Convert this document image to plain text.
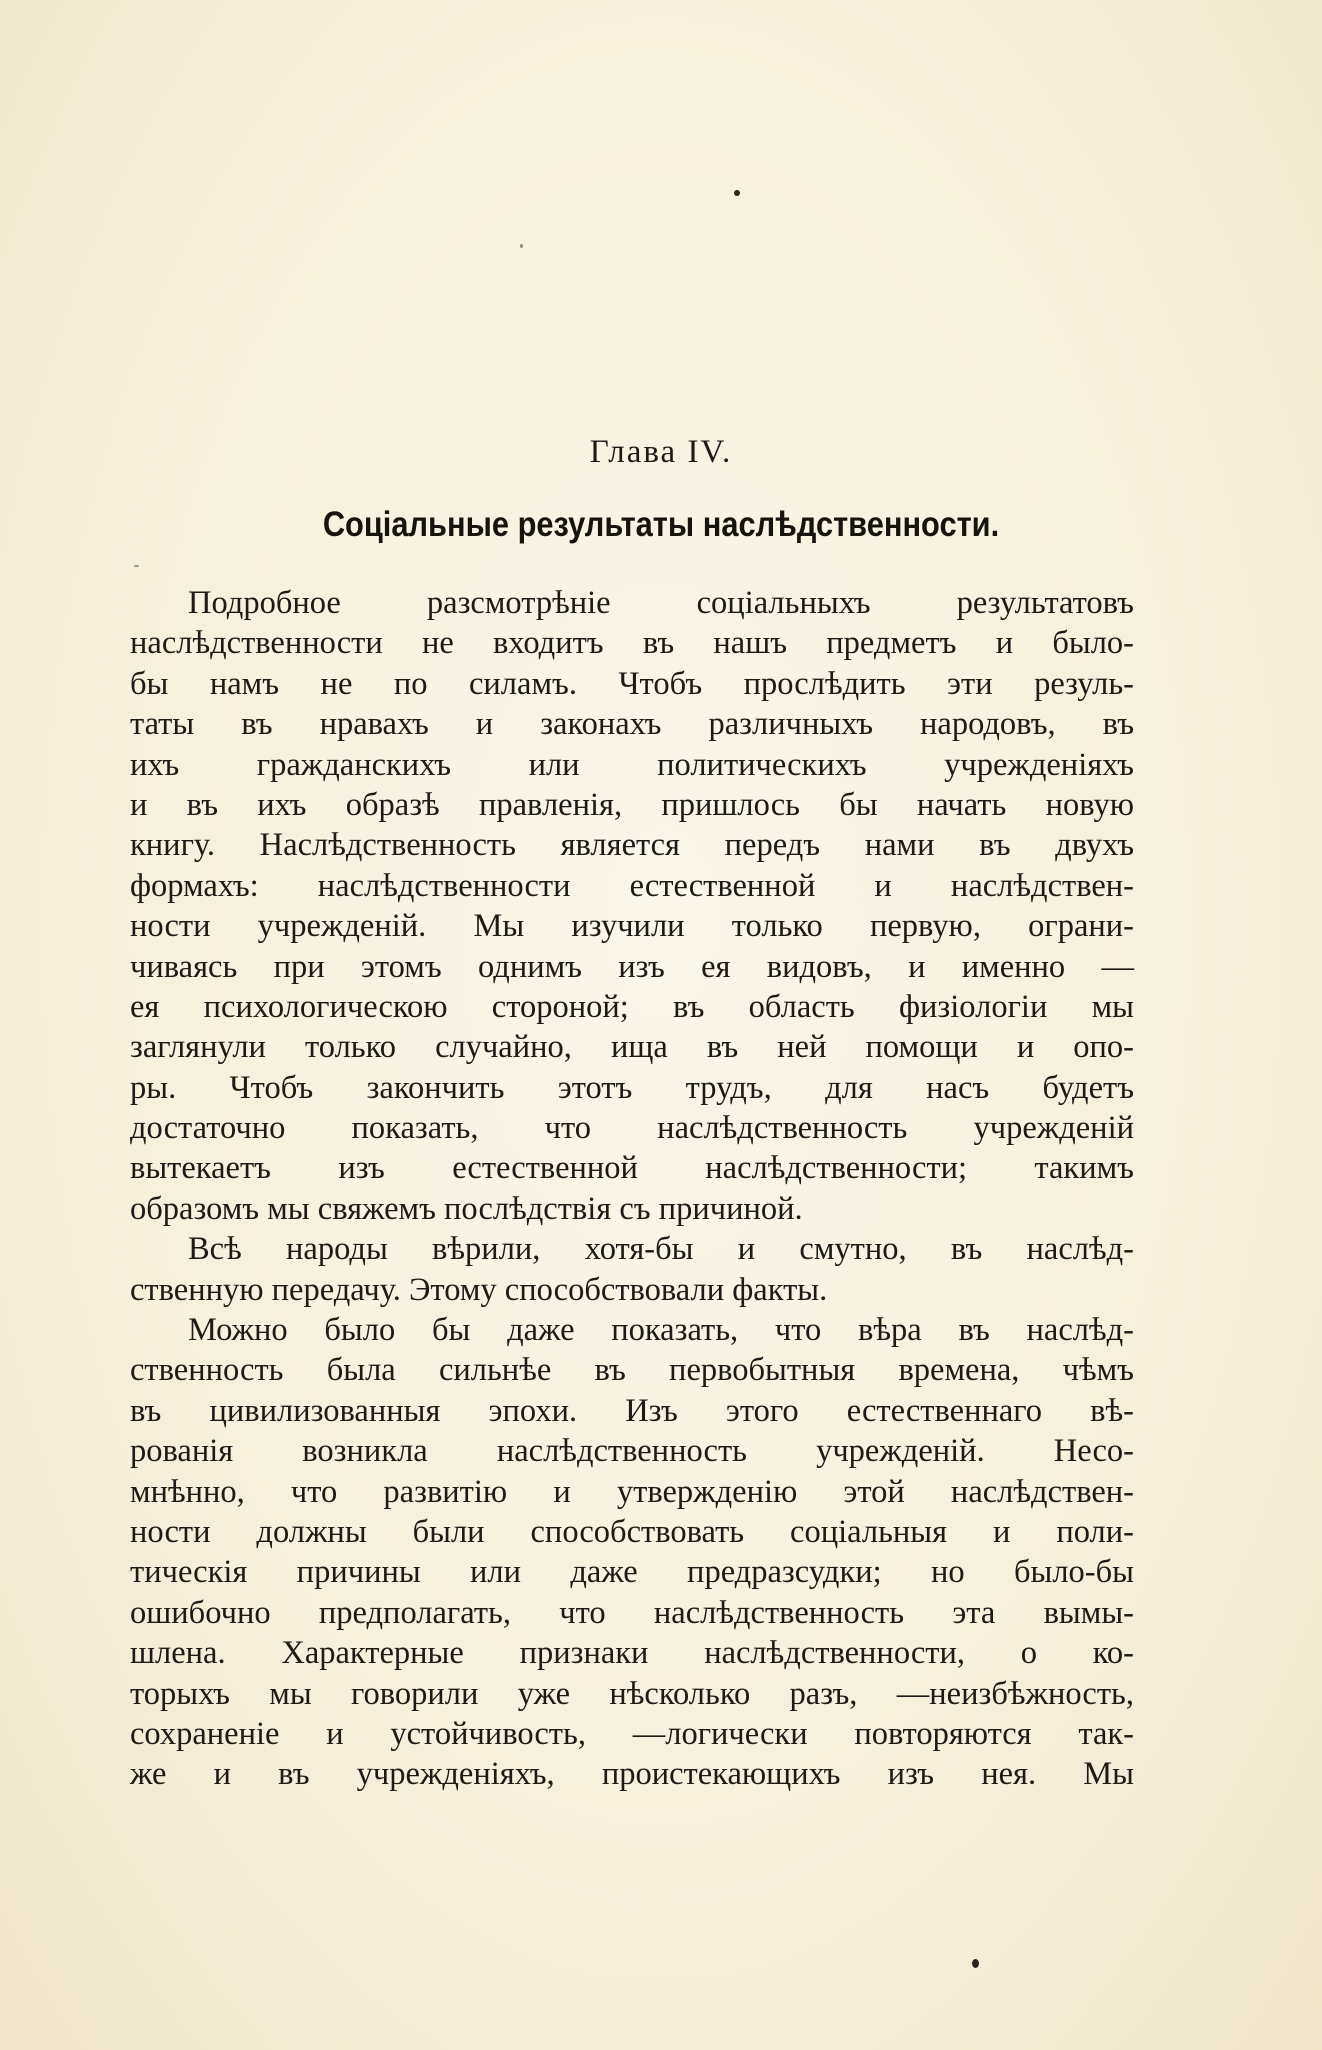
Глава IV.
Соціальные результаты наслѣдственности.
Подробное разсмотрѣніе соціальныхъ результатовъ
наслѣдственности не входитъ въ нашъ предметъ и было-
бы намъ не по силамъ. Чтобъ прослѣдить эти резуль-
таты въ нравахъ и законахъ различныхъ народовъ, въ
ихъ гражданскихъ или политическихъ учрежденіяхъ
и въ ихъ образѣ правленія, пришлось бы начать новую
книгу. Наслѣдственность является передъ нами въ двухъ
формахъ: наслѣдственности естественной и наслѣдствен-
ности учрежденій. Мы изучили только первую, ограни-
чиваясь при этомъ однимъ изъ ея видовъ, и именно —
ея психологическою стороной; въ область физіологіи мы
заглянули только случайно, ища въ ней помощи и опо-
ры. Чтобъ закончить этотъ трудъ, для насъ будетъ
достаточно показать, что наслѣдственность учрежденій
вытекаетъ изъ естественной наслѣдственности; такимъ
образомъ мы свяжемъ послѣдствія съ причиной.
Всѣ народы вѣрили, хотя-бы и смутно, въ наслѣд-
ственную передачу. Этому способствовали факты.
Можно было бы даже показать, что вѣра въ наслѣд-
ственность была сильнѣе въ первобытныя времена, чѣмъ
въ цивилизованныя эпохи. Изъ этого естественнаго вѣ-
рованія возникла наслѣдственность учрежденій. Несо-
мнѣнно, что развитію и утвержденію этой наслѣдствен-
ности должны были способствовать соціальныя и поли-
тическія причины или даже предразсудки; но было-бы
ошибочно предполагать, что наслѣдственность эта вымы-
шлена. Характерные признаки наслѣдственности, о ко-
торыхъ мы говорили уже нѣсколько разъ, —неизбѣжность,
сохраненіе и устойчивость, —логически повторяются так-
же и въ учрежденіяхъ, проистекающихъ изъ нея. Мы
